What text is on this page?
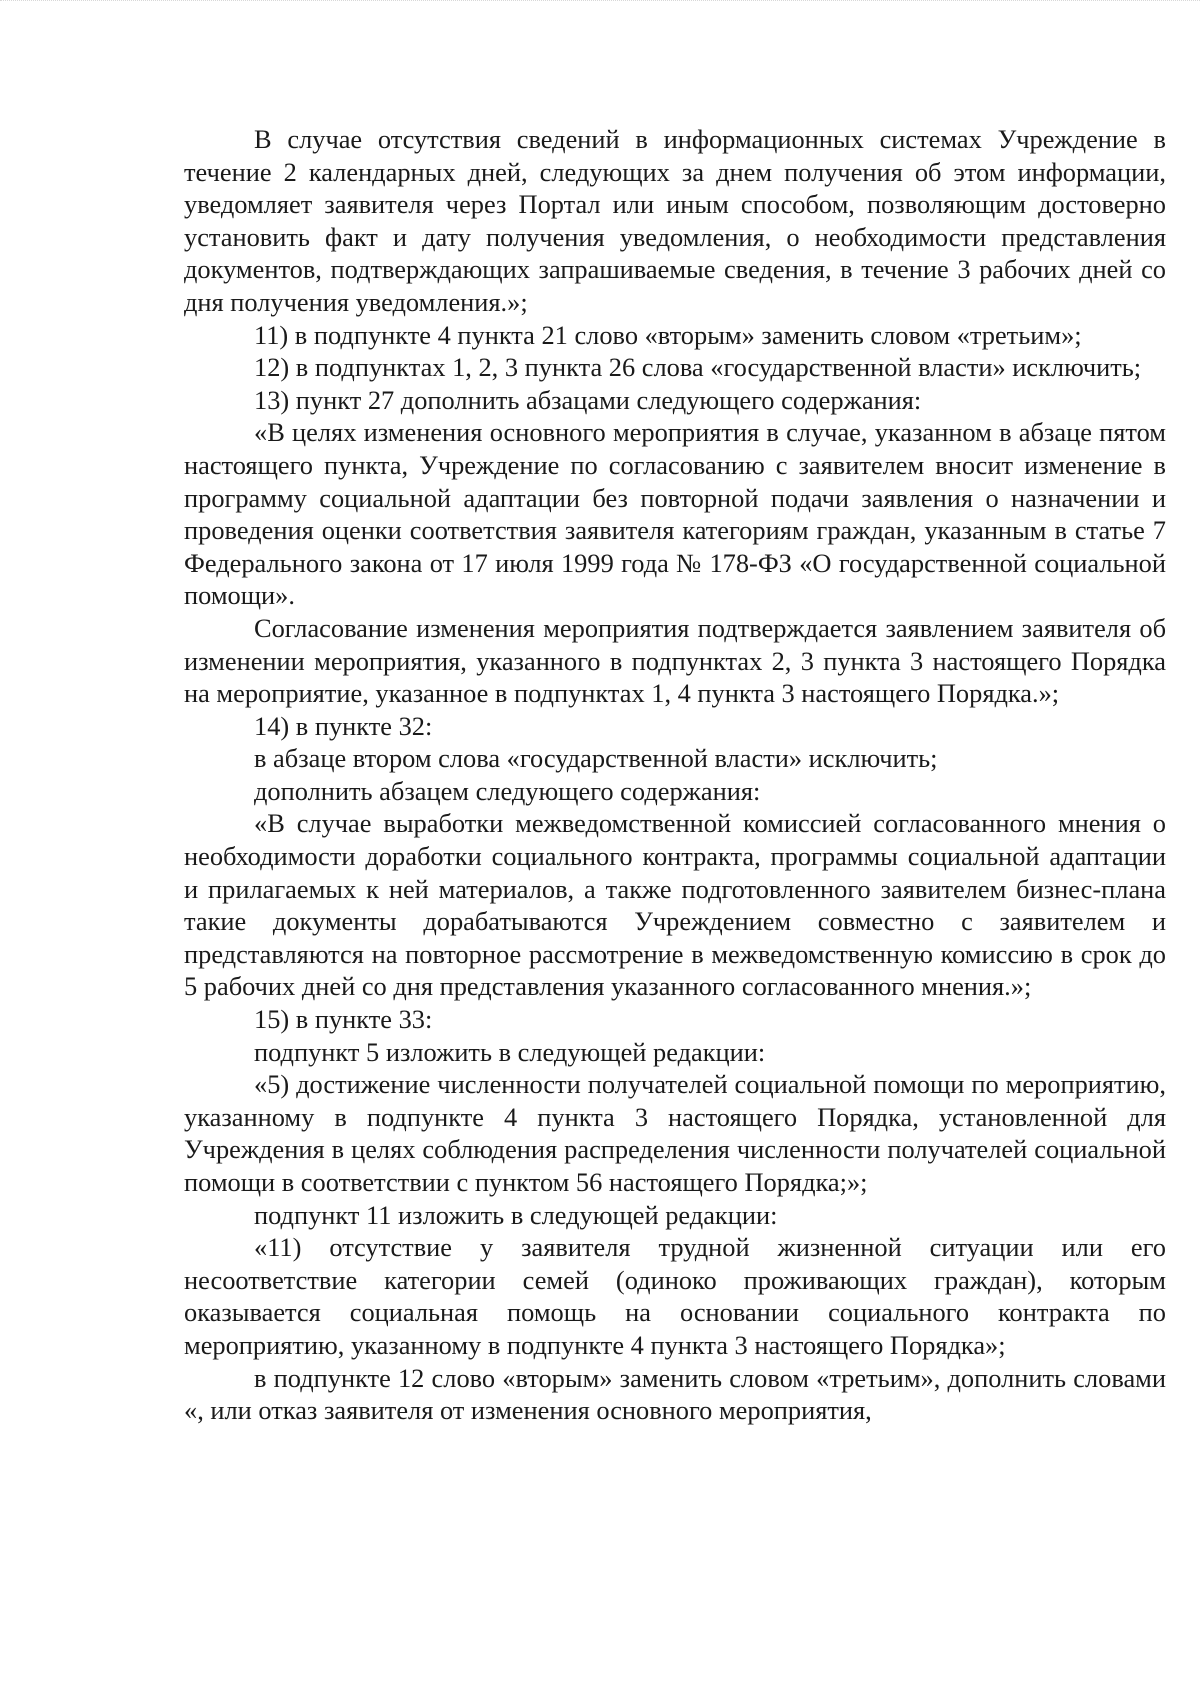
В случае отсутствия сведений в информационных системах Учреждение в течение 2 календарных дней, следующих за днем получения об этом информации, уведомляет заявителя через Портал или иным способом, позволяющим достоверно установить факт и дату получения уведомления, о необходимости представления документов, подтверждающих запрашиваемые сведения, в течение 3 рабочих дней со дня получения уведомления.»;

11) в подпункте 4 пункта 21 слово «вторым» заменить словом «третьим»;

12) в подпунктах 1, 2, 3 пункта 26 слова «государственной власти» исключить;

13) пункт 27 дополнить абзацами следующего содержания:

«В целях изменения основного мероприятия в случае, указанном в абзаце пятом настоящего пункта, Учреждение по согласованию с заявителем вносит изменение в программу социальной адаптации без повторной подачи заявления о назначении и проведения оценки соответствия заявителя категориям граждан, указанным в статье 7 Федерального закона от 17 июля 1999 года № 178-ФЗ «О государственной социальной помощи».

Согласование изменения мероприятия подтверждается заявлением заявителя об изменении мероприятия, указанного в подпунктах 2, 3 пункта 3 настоящего Порядка на мероприятие, указанное в подпунктах 1, 4 пункта 3 настоящего Порядка.»;

14) в пункте 32:

в абзаце втором слова «государственной власти» исключить;

дополнить абзацем следующего содержания:

«В случае выработки межведомственной комиссией согласованного мнения о необходимости доработки социального контракта, программы социальной адаптации и прилагаемых к ней материалов, а также подготовленного заявителем бизнес-плана такие документы дорабатываются Учреждением совместно с заявителем и представляются на повторное рассмотрение в межведомственную комиссию в срок до 5 рабочих дней со дня представления указанного согласованного мнения.»;

15) в пункте 33:

подпункт 5 изложить в следующей редакции:

«5) достижение численности получателей социальной помощи по мероприятию, указанному в подпункте 4 пункта 3 настоящего Порядка, установленной для Учреждения в целях соблюдения распределения численности получателей социальной помощи в соответствии с пунктом 56 настоящего Порядка;»;

подпункт 11 изложить в следующей редакции:

«11) отсутствие у заявителя трудной жизненной ситуации или его несоответствие категории семей (одиноко проживающих граждан), которым оказывается социальная помощь на основании социального контракта по мероприятию, указанному в подпункте 4 пункта 3 настоящего Порядка»;

в подпункте 12 слово «вторым» заменить словом «третьим», дополнить словами «, или отказ заявителя от изменения основного мероприятия,
